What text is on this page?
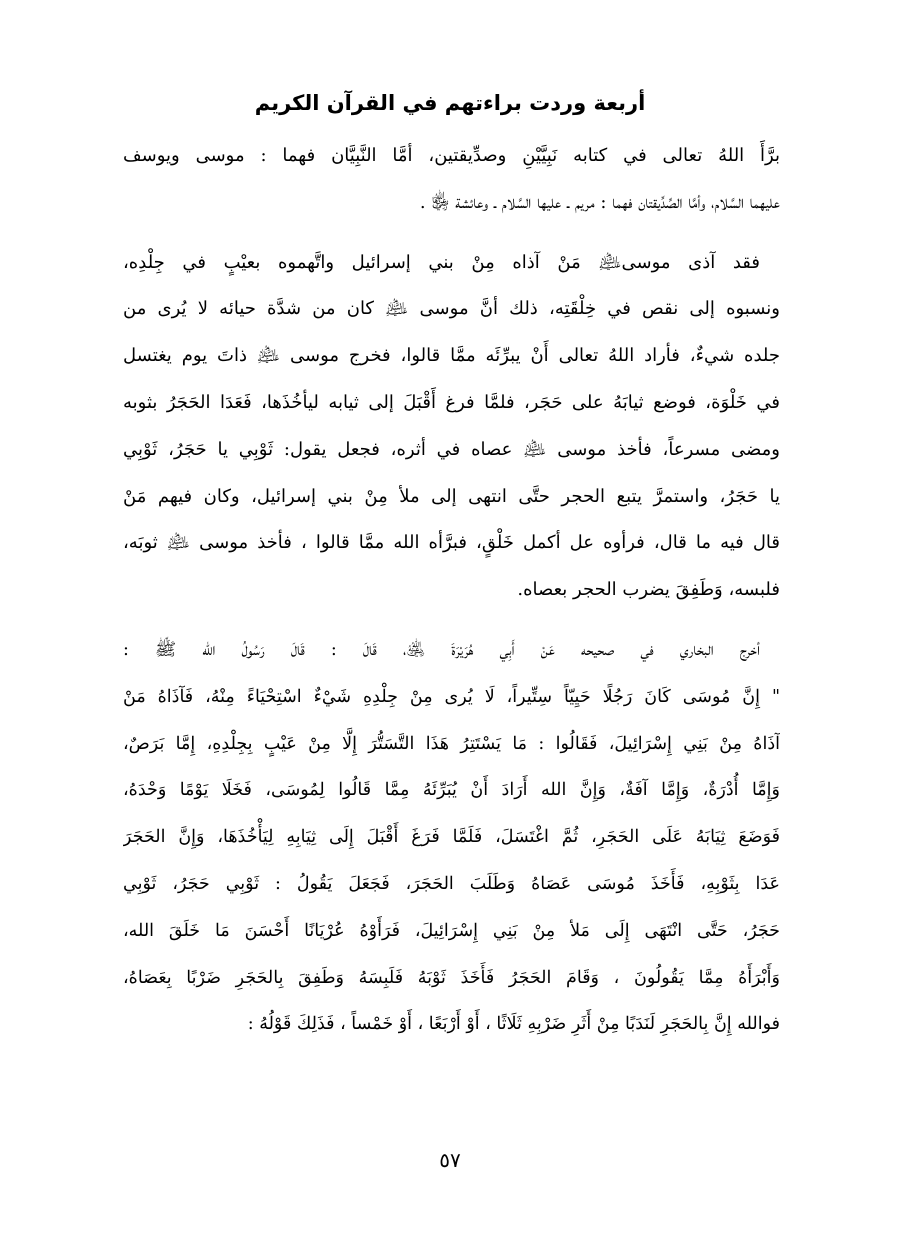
أربعة وردت براءتهم في القرآن الكريم
برَّأَ اللهُ تعالى في كتابه نَبِيَّيْنِ وصدِّيقتين، أمَّا النَّبِيَّان فهما : موسى ويوسف
عليهما السَّلام، وأمَّا الصِّدِّيقتان فهما : مريم ـ عليها السَّلام ـ وعائشة ﵂ .
فقد آذى موسى﵇ مَنْ آذاه مِنْ بني إسرائيل واتَّهموه بعيْبٍ في جِلْدِه،
ونسبوه إلى نقص في خِلْقَتِه، ذلك أنَّ موسى ﵇ كان من شدَّة حيائه لا يُرى من
جلده شيءٌ، فأراد اللهُ تعالى أَنْ يبرِّئَه ممَّا قالوا، فخرج موسى ﵇ ذاتَ يوم يغتسل
في خَلْوَة، فوضع ثيابَهُ على حَجَر، فلمَّا فرغ أَقْبَلَ إلى ثيابه ليأخُذَها، فَعَدَا الحَجَرُ بثوبه
ومضى مسرعاً، فأخذ موسى ﵇ عصاه في أثره، فجعل يقول: ثَوْبِي يا حَجَرُ، ثَوْبِي
يا حَجَرُ، واستمرَّ يتبع الحجر حتَّى انتهى إلى ملأ مِنْ بني إسرائيل، وكان فيهم مَنْ
قال فيه ما قال، فرأوه عل أكمل خَلْقٍ، فبرَّأه الله ممَّا قالوا ، فأخذ موسى ﵇ ثوبَه،
فلبسه، وَطَفِقَ يضرب الحجر بعصاه.
أخرج البخاري في صحيحه عَنْ أَبِي هُرَيْرَةَ ﵁، قَالَ : قَالَ رَسُولُ الله ﷺ :
" إِنَّ مُوسَى كَانَ رَجُلًا حَيِيّاً سِتِّيراً، لَا يُرى مِنْ جِلْدِهِ شَيْءٌ اسْتِحْيَاءً مِنْهُ، فَآذَاهُ مَنْ
آذَاهُ مِنْ بَنِي إِسْرَائِيلَ، فَقَالُوا : مَا يَسْتَتِرُ هَذَا التَّسَتُّرَ إِلَّا مِنْ عَيْبٍ بِجِلْدِهِ، إِمَّا بَرَصٌ،
وَإِمَّا أُدْرَةٌ، وَإِمَّا آفَةٌ، وَإِنَّ الله أَرَادَ أَنْ يُبَرِّئَهُ مِمَّا قَالُوا لِمُوسَى، فَخَلَا يَوْمًا وَحْدَهُ،
فَوَضَعَ ثِيَابَهُ عَلَى الحَجَرِ، ثُمَّ اغْتَسَلَ، فَلَمَّا فَرَغَ أَقْبَلَ إِلَى ثِيَابِهِ لِيَأْخُذَهَا، وَإِنَّ الحَجَرَ
عَدَا بِثَوْبِهِ، فَأَخَذَ مُوسَى عَصَاهُ وَطَلَبَ الحَجَرَ، فَجَعَلَ يَقُولُ : ثَوْبِي حَجَرُ، ثَوْبِي
حَجَرُ، حَتَّى انْتَهَى إِلَى مَلأ مِنْ بَنِي إِسْرَائِيلَ، فَرَأَوْهُ عُرْيَانًا أَحْسَنَ مَا خَلَقَ الله،
وَأَبْرَأَهُ مِمَّا يَقُولُونَ ، وَقَامَ الحَجَرُ فَأَخَذَ ثَوْبَهُ فَلَبِسَهُ وَطَفِقَ بِالحَجَرِ ضَرْبًا بِعَصَاهُ،
فوالله إِنَّ بِالحَجَرِ لَنَدَبًا مِنْ أَثَرِ ضَرْبِهِ ثَلَاثًا ، أَوْ أَرْبَعًا ، أَوْ خَمْساً ، فَذَلِكَ قَوْلُهُ :
٥٧
